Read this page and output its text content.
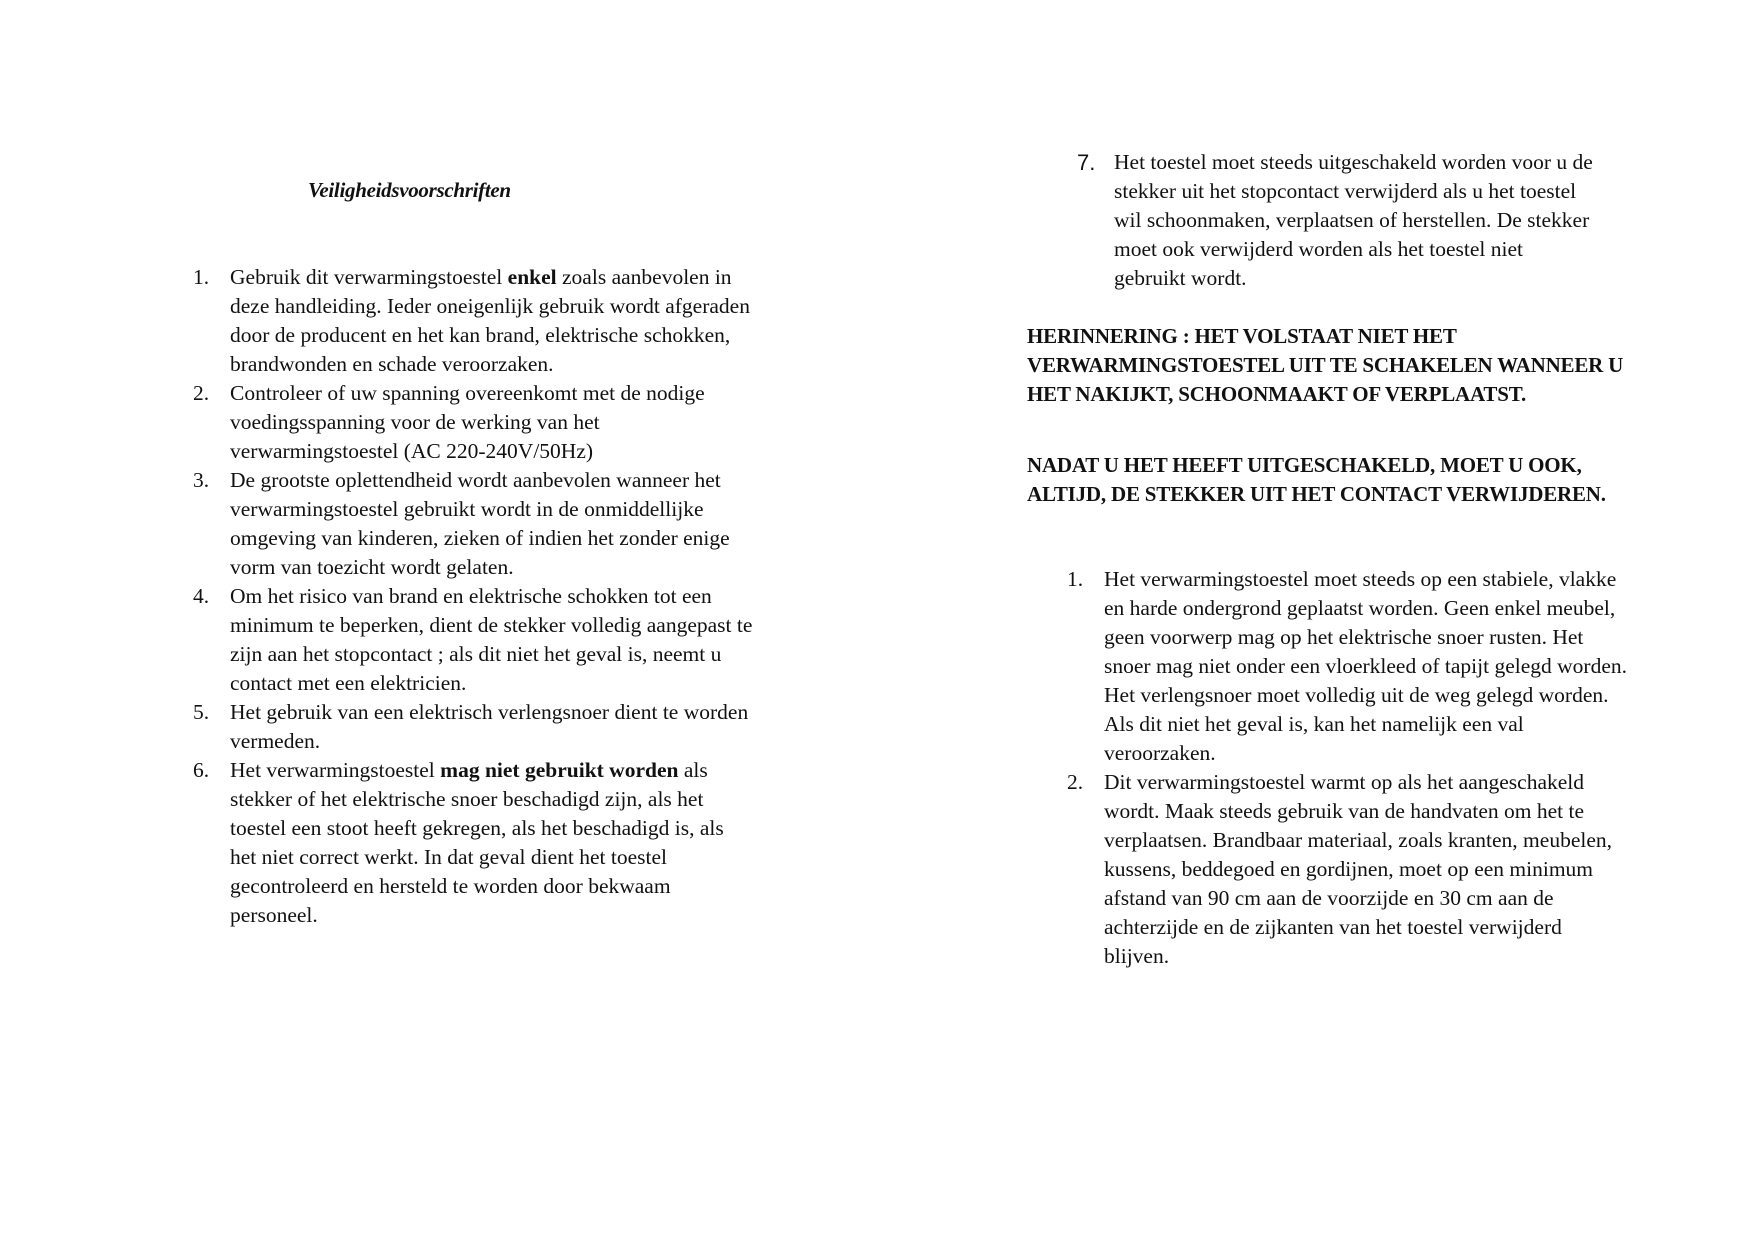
Veiligheidsvoorschriften
1. Gebruik dit verwarmingstoestel enkel zoals aanbevolen in deze handleiding. Ieder oneigenlijk gebruik wordt afgeraden door de producent en het kan brand, elektrische schokken, brandwonden en schade veroorzaken.
2. Controleer of uw spanning overeenkomt met de nodige voedingsspanning voor de werking van het verwarmingstoestel (AC 220-240V/50Hz)
3. De grootste oplettendheid wordt aanbevolen wanneer het verwarmingstoestel gebruikt wordt in de onmiddellijke omgeving van kinderen, zieken of indien het zonder enige vorm van toezicht wordt gelaten.
4. Om het risico van brand en elektrische schokken tot een minimum te beperken, dient de stekker volledig aangepast te zijn aan het stopcontact ; als dit niet het geval is, neemt u contact met een elektricien.
5. Het gebruik van een elektrisch verlengsnoer dient te worden vermeden.
6. Het verwarmingstoestel mag niet gebruikt worden als stekker of het elektrische snoer beschadigd zijn, als het toestel een stoot heeft gekregen, als het beschadigd is, als het niet correct werkt. In dat geval dient het toestel gecontroleerd en hersteld te worden door bekwaam personeel.
7. Het toestel moet steeds uitgeschakeld worden voor u de stekker uit het stopcontact verwijderd als u het toestel wil schoonmaken, verplaatsen of herstellen. De stekker moet ook verwijderd worden als het toestel niet gebruikt wordt.

HERINNERING : HET VOLSTAAT NIET HET VERWARMINGSTOESTEL UIT TE SCHAKELEN WANNEER U HET NAKIJKT, SCHOONMAAKT OF VERPLAATST.

NADAT U HET HEEFT UITGESCHAKELD, MOET U OOK, ALTIJD, DE STEKKER UIT HET CONTACT VERWIJDEREN.

1. Het verwarmingstoestel moet steeds op een stabiele, vlakke en harde ondergrond geplaatst worden. Geen enkel meubel, geen voorwerp mag op het elektrische snoer rusten. Het snoer mag niet onder een vloerkleed of tapijt gelegd worden. Het verlengsnoer moet volledig uit de weg gelegd worden. Als dit niet het geval is, kan het namelijk een val veroorzaken.
2. Dit verwarmingstoestel warmt op als het aangeschakeld wordt. Maak steeds gebruik van de handvaten om het te verplaatsen. Brandbaar materiaal, zoals kranten, meubelen, kussens, beddegoed en gordijnen, moet op een minimum afstand van 90 cm aan de voorzijde en 30 cm aan de achterzijde en de zijkanten van het toestel verwijderd blijven.
